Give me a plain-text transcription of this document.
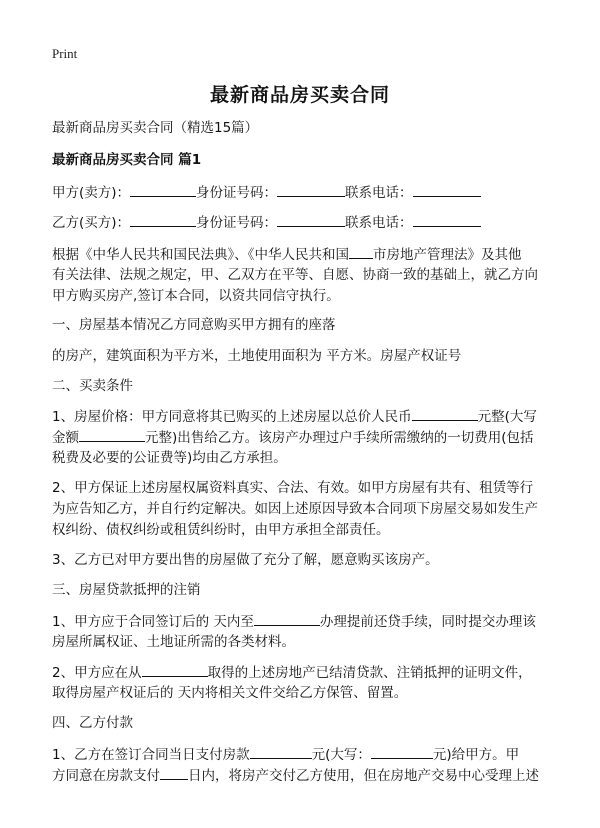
Print
最新商品房买卖合同
最新商品房买卖合同（精选15篇）
最新商品房买卖合同 篇1
甲方(卖方)：	身份证号码：	联系电话：
乙方(买方)：	身份证号码：	联系电话：
根据《中华人民共和国民法典》、《中华人民共和国 市房地产管理法》及其他
有关法律、法规之规定，甲、乙双方在平等、自愿、协商一致的基础上，就乙方向
甲方购买房产,签订本合同，以资共同信守执行。
一、房屋基本情况乙方同意购买甲方拥有的座落
的房产，建筑面积为平方米，土地使用面积为 平方米。房屋产权证号
二、买卖条件
1、房屋价格：甲方同意将其已购买的上述房屋以总价人民币	元整(大写
金额	元整)出售给乙方。该房产办理过户手续所需缴纳的一切费用(包括
税费及必要的公证费等)均由乙方承担。
2、甲方保证上述房屋权属资料真实、合法、有效。如甲方房屋有共有、租赁等行
为应告知乙方，并自行约定解决。如因上述原因导致本合同项下房屋交易如发生产
权纠纷、债权纠纷或租赁纠纷时，由甲方承担全部责任。
3、乙方已对甲方要出售的房屋做了充分了解，愿意购买该房产。
三、房屋贷款抵押的注销
1、甲方应于合同签订后的 天内至	办理提前还贷手续，同时提交办理该
房屋所属权证、土地证所需的各类材料。
2、甲方应在从	取得的上述房地产已结清贷款、注销抵押的证明文件，
取得房屋产权证后的 天内将相关文件交给乙方保管、留置。
四、乙方付款
1、乙方在签订合同当日支付房款	元(大写：	元)给甲方。甲
方同意在房款支付 日内，将房产交付乙方使用，但在房地产交易中心受理上述
